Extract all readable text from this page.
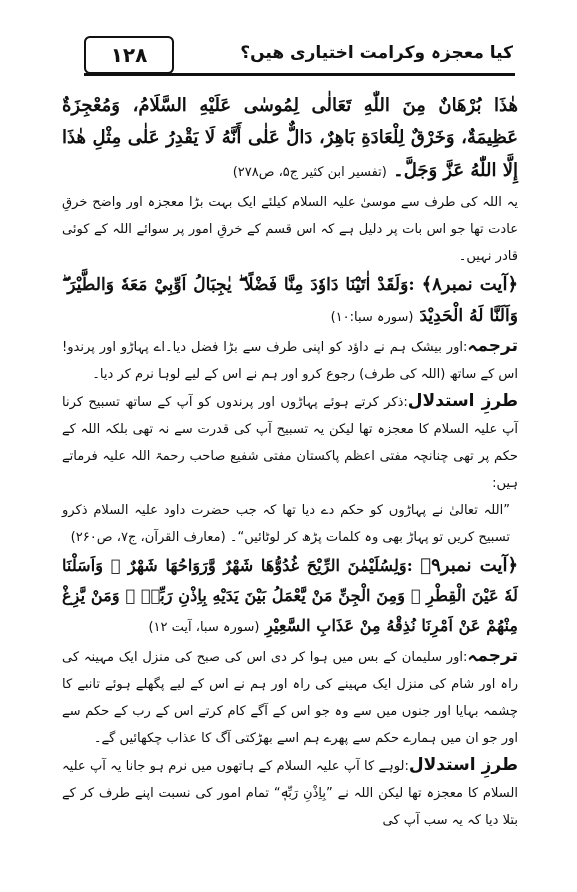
۱۲۸	کیا معجزہ وکرامت اختیاری ھیں؟

هٰذَا بُرْهَانٌ مِنَ اللّٰهِ تَعَالٰى لِمُوسٰى عَلَيْهِ السَّلَامُ، وَمُعْجِزَةٌ عَظِيمَةٌ، وَخَرْقٌ لِلْعَادَةِ بَاهِرٌ، دَالٌّ عَلٰى أَنَّهُ لَا يَقْدِرُ عَلٰى مِثْلِ هٰذَا إِلَّا اللّٰهُ عَزَّ وَجَلَّ۔ (تفسیر ابن کثیر ج۵، ص۲۷۸)

یہ اللہ کی طرف سے موسیٰ علیہ السلام کیلئے ایک بہت بڑا معجزہ اور واضح خرقِ عادت تھا جو اس بات پر دلیل ہے کہ اس قسم کے خرقِ امور پر سوائے اللہ کے کوئی قادر نہیں۔

﴿آیت نمبر۸﴾ :وَلَقَدْ اٰتَيْنَا دَاوٗدَ مِنَّا فَضْلًا ۖ يٰجِبَالُ اَوِّبِيْ مَعَهٗ وَالطَّيْرَ ۖ وَاَلَنَّا لَهُ الْحَدِيْدَ (سورہ سبا:۱۰)

ترجمہ:اور بیشک ہم نے داؤد کو اپنی طرف سے بڑا فضل دیا۔اے پہاڑو اور پرندو! اس کے ساتھ (اللہ کی طرف) رجوع کرو اور ہم نے اس کے لیے لوہا نرم کر دیا۔

طرزِ استدلال:ذکر کرتے ہوئے پہاڑوں اور پرندوں کو آپ کے ساتھ تسبیح کرنا آپ علیہ السلام کا معجزہ تھا لیکن یہ تسبیح آپ کی قدرت سے نہ تھی بلکہ اللہ کے حکم پر تھی چنانچہ مفتی اعظم پاکستان مفتی شفیع صاحب رحمۃ اللہ علیہ فرماتے ہیں:

”اللہ تعالیٰ نے پہاڑوں کو حکم دے دیا تھا کہ جب حضرت داود علیہ السلام ذکرو تسبیح کریں تو پہاڑ بھی وہ کلمات پڑھ کر لوٹائیں“۔ (معارف القرآن، ج۷، ص۲۶۰)

﴿آیت نمبر۹﴾ :وَلِسُلَيْمٰنَ الرِّيْحَ غُدُوُّهَا شَهْرٌ وَّرَوَاحُهَا شَهْرٌ ۚ وَاَسَلْنَا لَهٗ عَيْنَ الْقِطْرِ ۗ وَمِنَ الْجِنِّ مَنْ يَّعْمَلُ بَيْنَ يَدَيْهِ بِاِذْنِ رَبِّهٖ ۗ وَمَنْ يَّزِغْ مِنْهُمْ عَنْ اَمْرِنَا نُذِقْهُ مِنْ عَذَابِ السَّعِيْرِ (سورہ سبا، آیت ۱۲)

ترجمہ:اور سلیمان کے بس میں ہوا کر دی اس کی صبح کی منزل ایک مہینہ کی راہ اور شام کی منزل ایک مہینے کی راہ اور ہم نے اس کے لیے پگھلے ہوئے تانبے کا چشمہ بہایا اور جنوں میں سے وہ جو اس کے آگے کام کرتے اس کے رب کے حکم سے اور جو ان میں ہمارے حکم سے پھرے ہم اسے بھڑکتی آگ کا عذاب چکھائیں گے۔

طرزِ استدلال:لوہے کا آپ علیہ السلام کے ہاتھوں میں نرم ہو جانا یہ آپ علیہ السلام کا معجزہ تھا لیکن اللہ نے ”بِاِذْنِ رَبِّهٖ“ تمام امور کی نسبت اپنے طرف کر کے بتلا دیا کہ یہ سب آپ کی
